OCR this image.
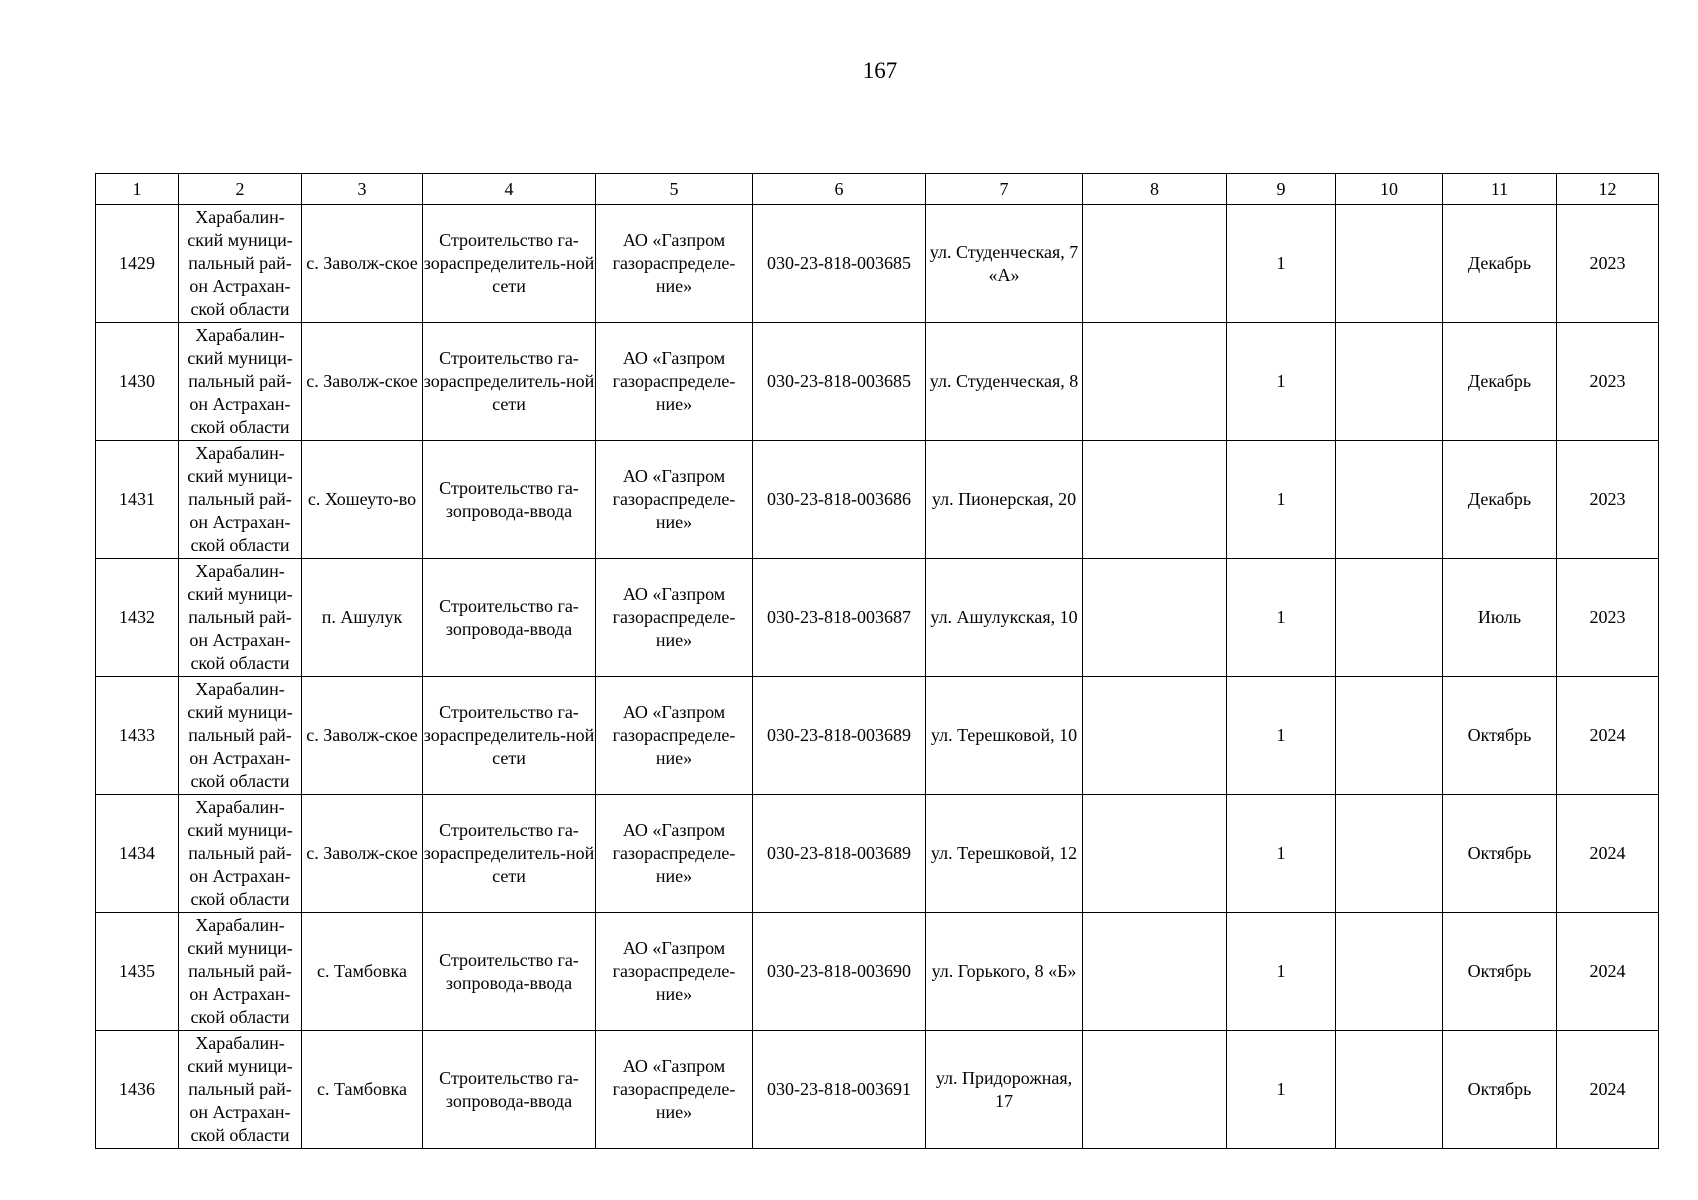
167
1	2	3	4	5	6	7	8	9	10	11	12
1429	Харабалин-ский муници-пальный рай-он Астрахан-ской области	с. Заволж-ское	Строительство га-зораспределитель-ной сети	АО «Газпром газораспределе-ние»	030-23-818-003685	ул. Студенческая, 7 «А»		1		Декабрь	2023
1430	Харабалин-ский муници-пальный рай-он Астрахан-ской области	с. Заволж-ское	Строительство га-зораспределитель-ной сети	АО «Газпром газораспределе-ние»	030-23-818-003685	ул. Студенческая, 8		1		Декабрь	2023
1431	Харабалин-ский муници-пальный рай-он Астрахан-ской области	с. Хошеуто-во	Строительство га-зопровода-ввода	АО «Газпром газораспределе-ние»	030-23-818-003686	ул. Пионерская, 20		1		Декабрь	2023
1432	Харабалин-ский муници-пальный рай-он Астрахан-ской области	п. Ашулук	Строительство га-зопровода-ввода	АО «Газпром газораспределе-ние»	030-23-818-003687	ул. Ашулукская, 10		1		Июль	2023
1433	Харабалин-ский муници-пальный рай-он Астрахан-ской области	с. Заволж-ское	Строительство га-зораспределитель-ной сети	АО «Газпром газораспределе-ние»	030-23-818-003689	ул. Терешковой, 10		1		Октябрь	2024
1434	Харабалин-ский муници-пальный рай-он Астрахан-ской области	с. Заволж-ское	Строительство га-зораспределитель-ной сети	АО «Газпром газораспределе-ние»	030-23-818-003689	ул. Терешковой, 12		1		Октябрь	2024
1435	Харабалин-ский муници-пальный рай-он Астрахан-ской области	с. Тамбовка	Строительство га-зопровода-ввода	АО «Газпром газораспределе-ние»	030-23-818-003690	ул. Горького, 8 «Б»		1		Октябрь	2024
1436	Харабалин-ский муници-пальный рай-он Астрахан-ской области	с. Тамбовка	Строительство га-зопровода-ввода	АО «Газпром газораспределе-ние»	030-23-818-003691	ул. Придорожная, 17		1		Октябрь	2024
